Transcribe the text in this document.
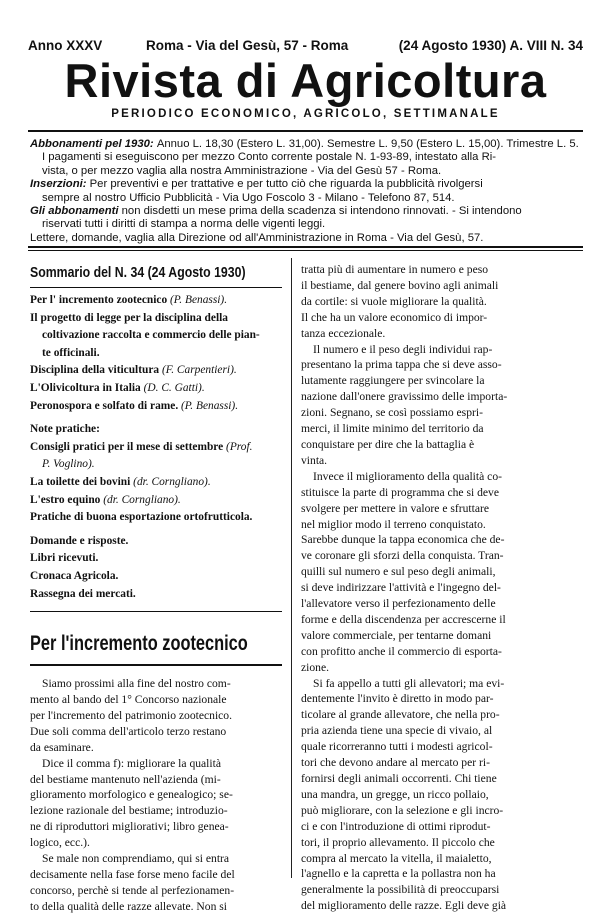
Anno XXXV	Roma - Via del Gesù, 57 - Roma	(24 Agosto 1930) A. VIII N. 34
Rivista di Agricoltura
PERIODICO ECONOMICO, AGRICOLO, SETTIMANALE
Abbonamenti pel 1930: Annuo L. 18,30 (Estero L. 31,00). Semestre L. 9,50 (Estero L. 15,00). Trimestre L. 5.
I pagamenti si eseguiscono per mezzo Conto corrente postale N. 1-93-89, intestato alla Ri-
vista, o per mezzo vaglia alla nostra Amministrazione - Via del Gesù 57 - Roma.
Inserzioni: Per preventivi e per trattative e per tutto ciò che riguarda la pubblicità rivolgersi
sempre al nostro Ufficio Pubblicità - Via Ugo Foscolo 3 - Milano - Telefono 87, 514.
Gli abbonamenti non disdetti un mese prima della scadenza si intendono rinnovati. - Si intendono
riservati tutti i diritti di stampa a norma delle vigenti leggi.
Lettere, domande, vaglia alla Direzione od all'Amministrazione in Roma - Via del Gesù, 57.
Sommario del N. 34 (24 Agosto 1930)
Per l' incremento zootecnico (P. Benassi).
Il progetto di legge per la disciplina della
coltivazione raccolta e commercio delle pian-
te officinali.
Disciplina della viticultura (F. Carpentieri).
L'Olivicoltura in Italia (D. C. Gatti).
Peronospora e solfato di rame. (P. Benassi).
Note pratiche:
Consigli pratici per il mese di settembre (Prof.
P. Voglino).
La toilette dei bovini (dr. Corngliano).
L'estro equino (dr. Corngliano).
Pratiche di buona esportazione ortofrutticola.
Domande e risposte.
Libri ricevuti.
Cronaca Agricola.
Rassegna dei mercati.
Per l'incremento zootecnico
Siamo prossimi alla fine del nostro com-
mento al bando del 1° Concorso nazionale
per l'incremento del patrimonio zootecnico.
Due soli comma dell'articolo terzo restano
da esaminare.
Dice il comma f): migliorare la qualità
del bestiame mantenuto nell'azienda (mi-
glioramento morfologico e genealogico; se-
lezione razionale del bestiame; introduzio-
ne di riproduttori migliorativi; libro genea-
logico, ecc.).
Se male non comprendiamo, qui si entra
decisamente nella fase forse meno facile del
concorso, perchè si tende al perfezionamen-
to della qualità delle razze allevate. Non si
tratta più di aumentare in numero e peso
il bestiame, dal genere bovino agli animali
da cortile: si vuole migliorare la qualità.
Il che ha un valore economico di impor-
tanza eccezionale.
Il numero e il peso degli individui rap-
presentano la prima tappa che si deve asso-
lutamente raggiungere per svincolare la
nazione dall'onere gravissimo delle importa-
zioni. Segnano, se così possiamo espri-
merci, il limite minimo del territorio da
conquistare per dire che la battaglia è
vinta.
Invece il miglioramento della qualità co-
stituisce la parte di programma che si deve
svolgere per mettere in valore e sfruttare
nel miglior modo il terreno conquistato.
Sarebbe dunque la tappa economica che de-
ve coronare gli sforzi della conquista. Tran-
quilli sul numero e sul peso degli animali,
si deve indirizzare l'attività e l'ingegno del-
l'allevatore verso il perfezionamento delle
forme e della discendenza per accrescerne il
valore commerciale, per tentarne domani
con profitto anche il commercio di esporta-
zione.
Si fa appello a tutti gli allevatori; ma evi-
dentemente l'invito è diretto in modo par-
ticolare al grande allevatore, che nella pro-
pria azienda tiene una specie di vivaio, al
quale ricorreranno tutti i modesti agricol-
tori che devono andare al mercato per ri-
fornirsi degli animali occorrenti. Chi tiene
una mandra, un gregge, un ricco pollaio,
può migliorare, con la selezione e gli incro-
ci e con l'introduzione di ottimi riprodut-
tori, il proprio allevamento. Il piccolo che
compra al mercato la vitella, il maialetto,
l'agnello e la capretta e la pollastra non ha
generalmente la possibilità di preoccuparsi
del miglioramento delle razze. Egli deve già
